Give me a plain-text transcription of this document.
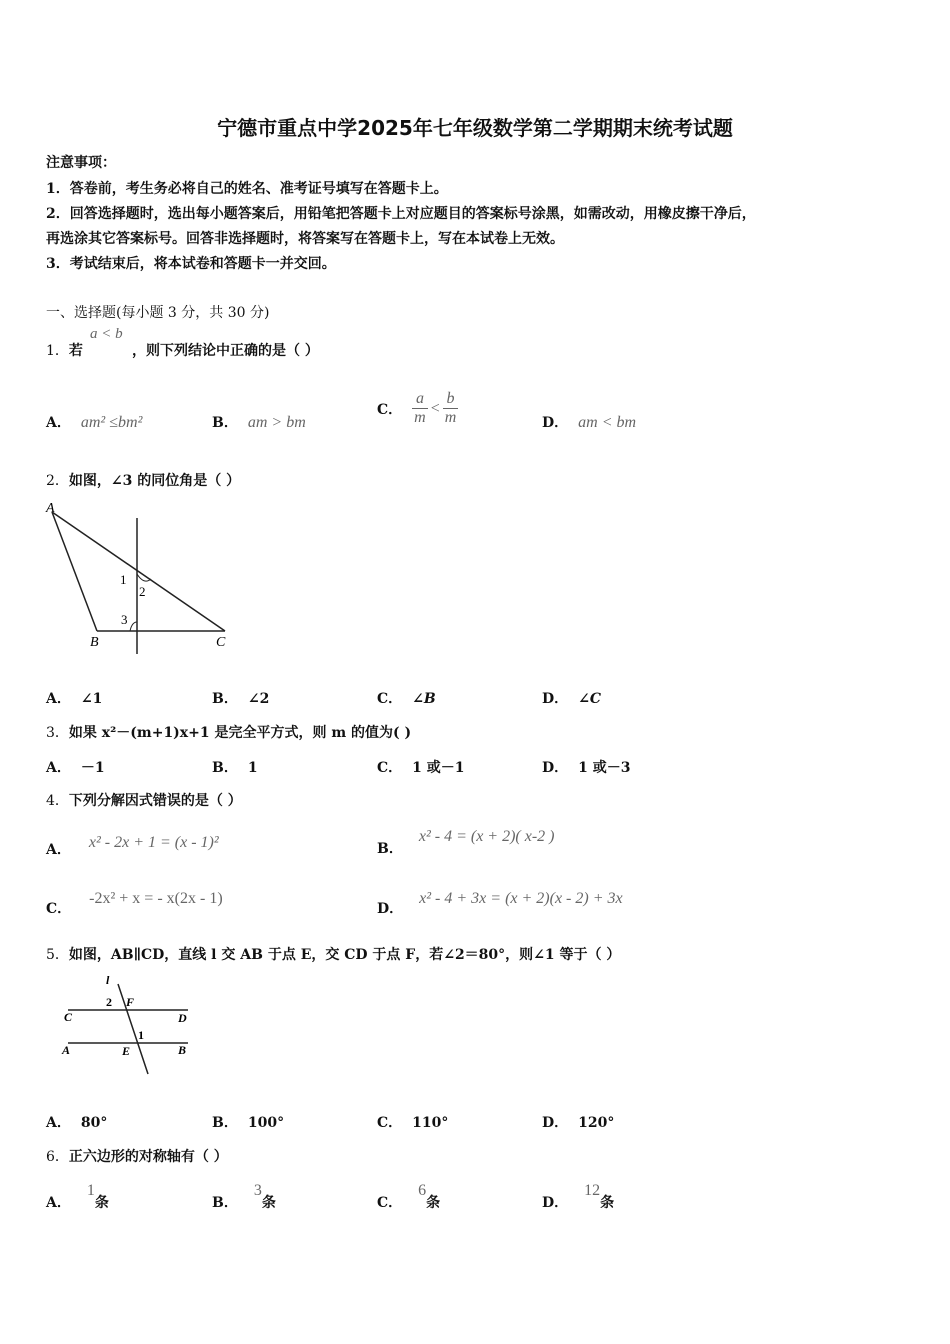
宁德市重点中学2025年七年级数学第二学期期末统考试题
注意事项：
1．答卷前，考生务必将自己的姓名、准考证号填写在答题卡上。
2．回答选择题时，选出每小题答案后，用铅笔把答题卡上对应题目的答案标号涂黑，如需改动，用橡皮擦干净后，
再选涂其它答案标号。回答非选择题时，将答案写在答题卡上，写在本试卷上无效。
3．考试结束后，将本试卷和答题卡一并交回。
一、选择题(每小题 3 分，共 30 分)
1．若
a < b
，则下列结论中正确的是（ ）
A． am² ≤bm²	B． am > bm
C． $\frac{a}{m} < \frac{b}{m}$	D． am < bm
2．如图，∠3 的同位角是（ ）
A
B	C
1
2
3
A． ∠1	B． ∠2	C． ∠B	D． ∠C
3．如果 x²－(m+1)x+1 是完全平方式，则 m 的值为( )
A． －1	B． 1	C． 1 或－1	D． 1 或－3
4．下列分解因式错误的是（ ）
A． x² - 2x + 1 = (x - 1)²	B．x² - 4 = (x + 2)( x-2 )
C．-2x² + x = - x(2x - 1)
D．x² - 4 + 3x = (x + 2)(x - 2) + 3x
5．如图，AB∥CD，直线 l 交 AB 于点 E，交 CD 于点 F，若∠2＝80°，则∠1 等于（ ）
l
2 F
C	D
1
A	E	B
A． 80°	B． 100°	C． 110°	D． 120°
6．正六边形的对称轴有（ ）
A．1条	B．3条	C．6条	D．12条
